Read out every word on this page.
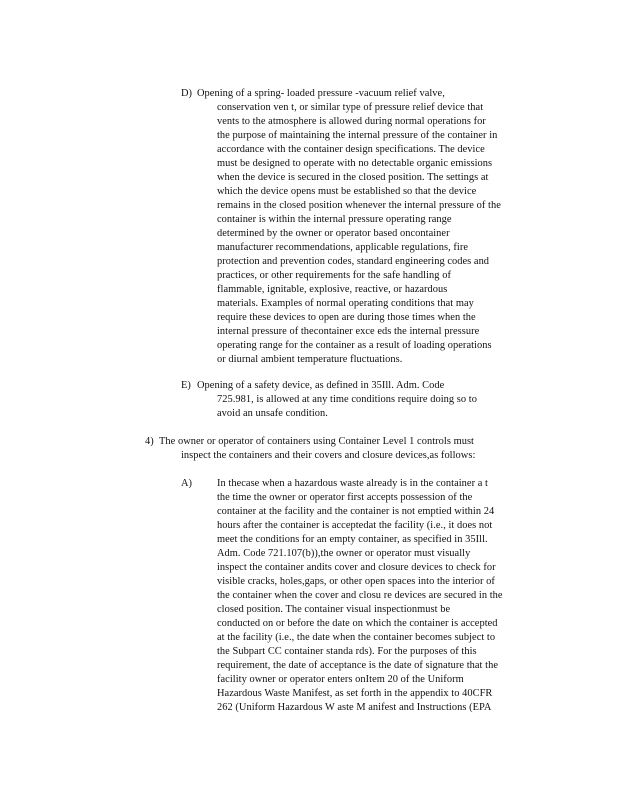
D) Opening of a spring- loaded pressure -vacuum relief valve,
conservation ven t, or similar type of pressure relief device that
vents to the atmosphere is allowed during normal operations for
the purpose of maintaining the internal pressure of the container in
accordance with the container design specifications. The device
must be designed to operate with no detectable organic emissions
when the device is secured in the closed position. The settings at
which the device opens must be established so that the device
remains in the closed position whenever the internal pressure of the
container is within the internal pressure operating range
determined by the owner or operator based oncontainer
manufacturer recommendations, applicable regulations, fire
protection and prevention codes, standard engineering codes and
practices, or other requirements for the safe handling of
flammable, ignitable, explosive, reactive, or hazardous
materials. Examples of normal operating conditions that may
require these devices to open are during those times when the
internal pressure of thecontainer exce eds the internal pressure
operating range for the container as a result of loading operations
or diurnal ambient temperature fluctuations.
E) Opening of a safety device, as defined in 35Ill. Adm. Code
725.981, is allowed at any time conditions require doing so to
avoid an unsafe condition.
4) The owner or operator of containers using Container Level 1 controls must
inspect the containers and their covers and closure devices,as follows:
A) In thecase when a hazardous waste already is in the container a t
the time the owner or operator first accepts possession of the
container at the facility and the container is not emptied within 24
hours after the container is acceptedat the facility (i.e., it does not
meet the conditions for an empty container, as specified in 35Ill.
Adm. Code 721.107(b)),the owner or operator must visually
inspect the container andits cover and closure devices to check for
visible cracks, holes,gaps, or other open spaces into the interior of
the container when the cover and closu re devices are secured in the
closed position. The container visual inspectionmust be
conducted on or before the date on which the container is accepted
at the facility (i.e., the date when the container becomes subject to
the Subpart CC container standa rds). For the purposes of this
requirement, the date of acceptance is the date of signature that the
facility owner or operator enters onItem 20 of the Uniform
Hazardous Waste Manifest, as set forth in the appendix to 40CFR
262 (Uniform Hazardous W aste M anifest and Instructions (EPA
